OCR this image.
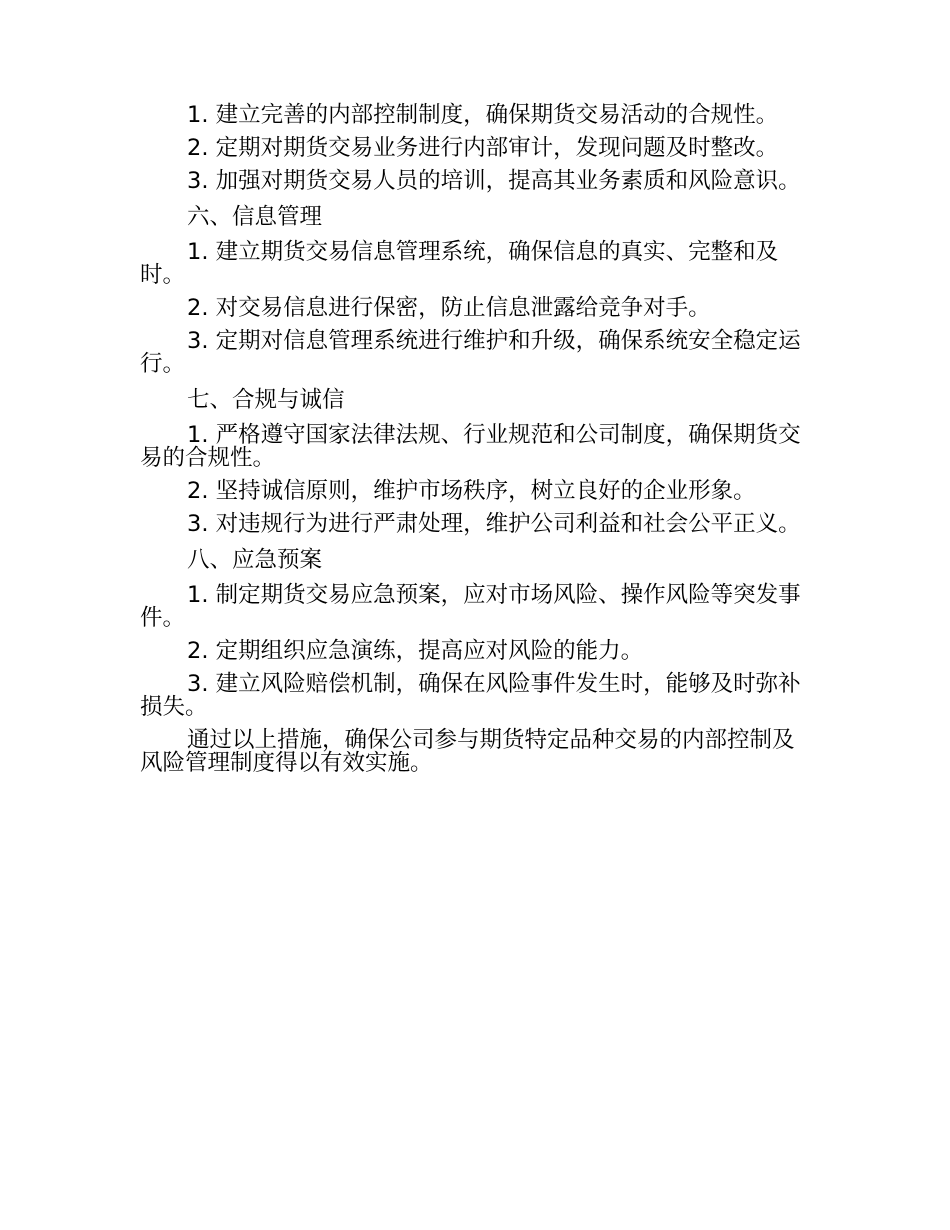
1. 建立完善的内部控制制度，确保期货交易活动的合规性。

2. 定期对期货交易业务进行内部审计，发现问题及时整改。

3. 加强对期货交易人员的培训，提高其业务素质和风险意识。

六、信息管理

1. 建立期货交易信息管理系统，确保信息的真实、完整和及时。

2. 对交易信息进行保密，防止信息泄露给竞争对手。

3. 定期对信息管理系统进行维护和升级，确保系统安全稳定运行。

七、合规与诚信

1. 严格遵守国家法律法规、行业规范和公司制度，确保期货交易的合规性。

2. 坚持诚信原则，维护市场秩序，树立良好的企业形象。

3. 对违规行为进行严肃处理，维护公司利益和社会公平正义。

八、应急预案

1. 制定期货交易应急预案，应对市场风险、操作风险等突发事件。

2. 定期组织应急演练，提高应对风险的能力。

3. 建立风险赔偿机制，确保在风险事件发生时，能够及时弥补损失。

通过以上措施，确保公司参与期货特定品种交易的内部控制及风险管理制度得以有效实施。
